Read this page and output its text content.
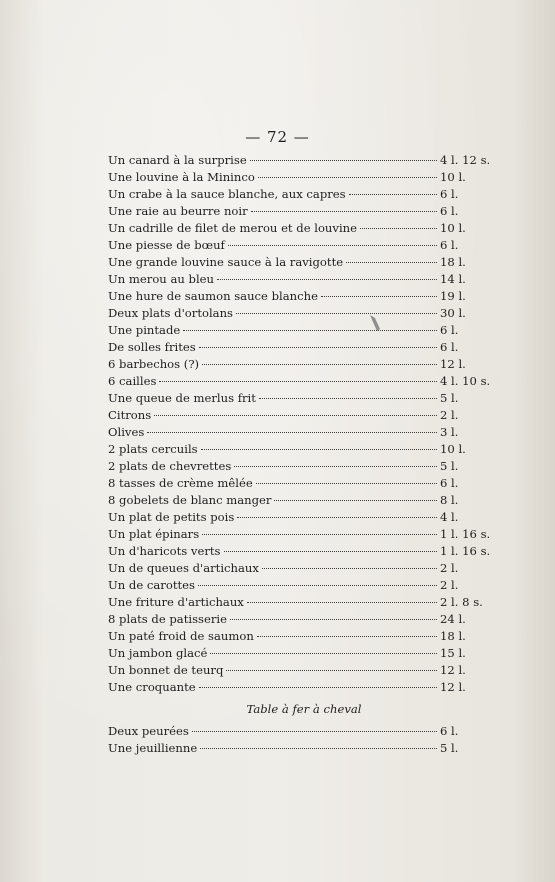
— 72 —
Un canard à la surprise	4 l. 12 s.
Une louvine à la Mininco	10 l.
Un crabe à la sauce blanche, aux capres	6 l.
Une raie au beurre noir	6 l.
Un cadrille de filet de merou et de louvine	10 l.
Une piesse de bœuf	6 l.
Une grande louvine sauce à la ravigotte	18 l.
Un merou au bleu	14 l.
Une hure de saumon sauce blanche	19 l.
Deux plats d'ortolans	30 l.
Une pintade	6 l.
De solles frites	6 l.
6 barbechos (?)	12 l.
6 cailles	4 l. 10 s.
Une queue de merlus frit	5 l.
Citrons	2 l.
Olives	3 l.
2 plats cercuils	10 l.
2 plats de chevrettes	5 l.
8 tasses de crème mêlée	6 l.
8 gobelets de blanc manger	8 l.
Un plat de petits pois	4 l.
Un plat épinars	1 l. 16 s.
Un d'haricots verts	1 l. 16 s.
Un de queues d'artichaux	2 l.
Un de carottes	2 l.
Une friture d'artichaux	2 l. 8 s.
8 plats de patisserie	24 l.
Un paté froid de saumon	18 l.
Un jambon glacé	15 l.
Un bonnet de teurq	12 l.
Une croquante	12 l.
Table à fer à cheval
Deux peurées	6 l.
Une jeuillienne	5 l.
